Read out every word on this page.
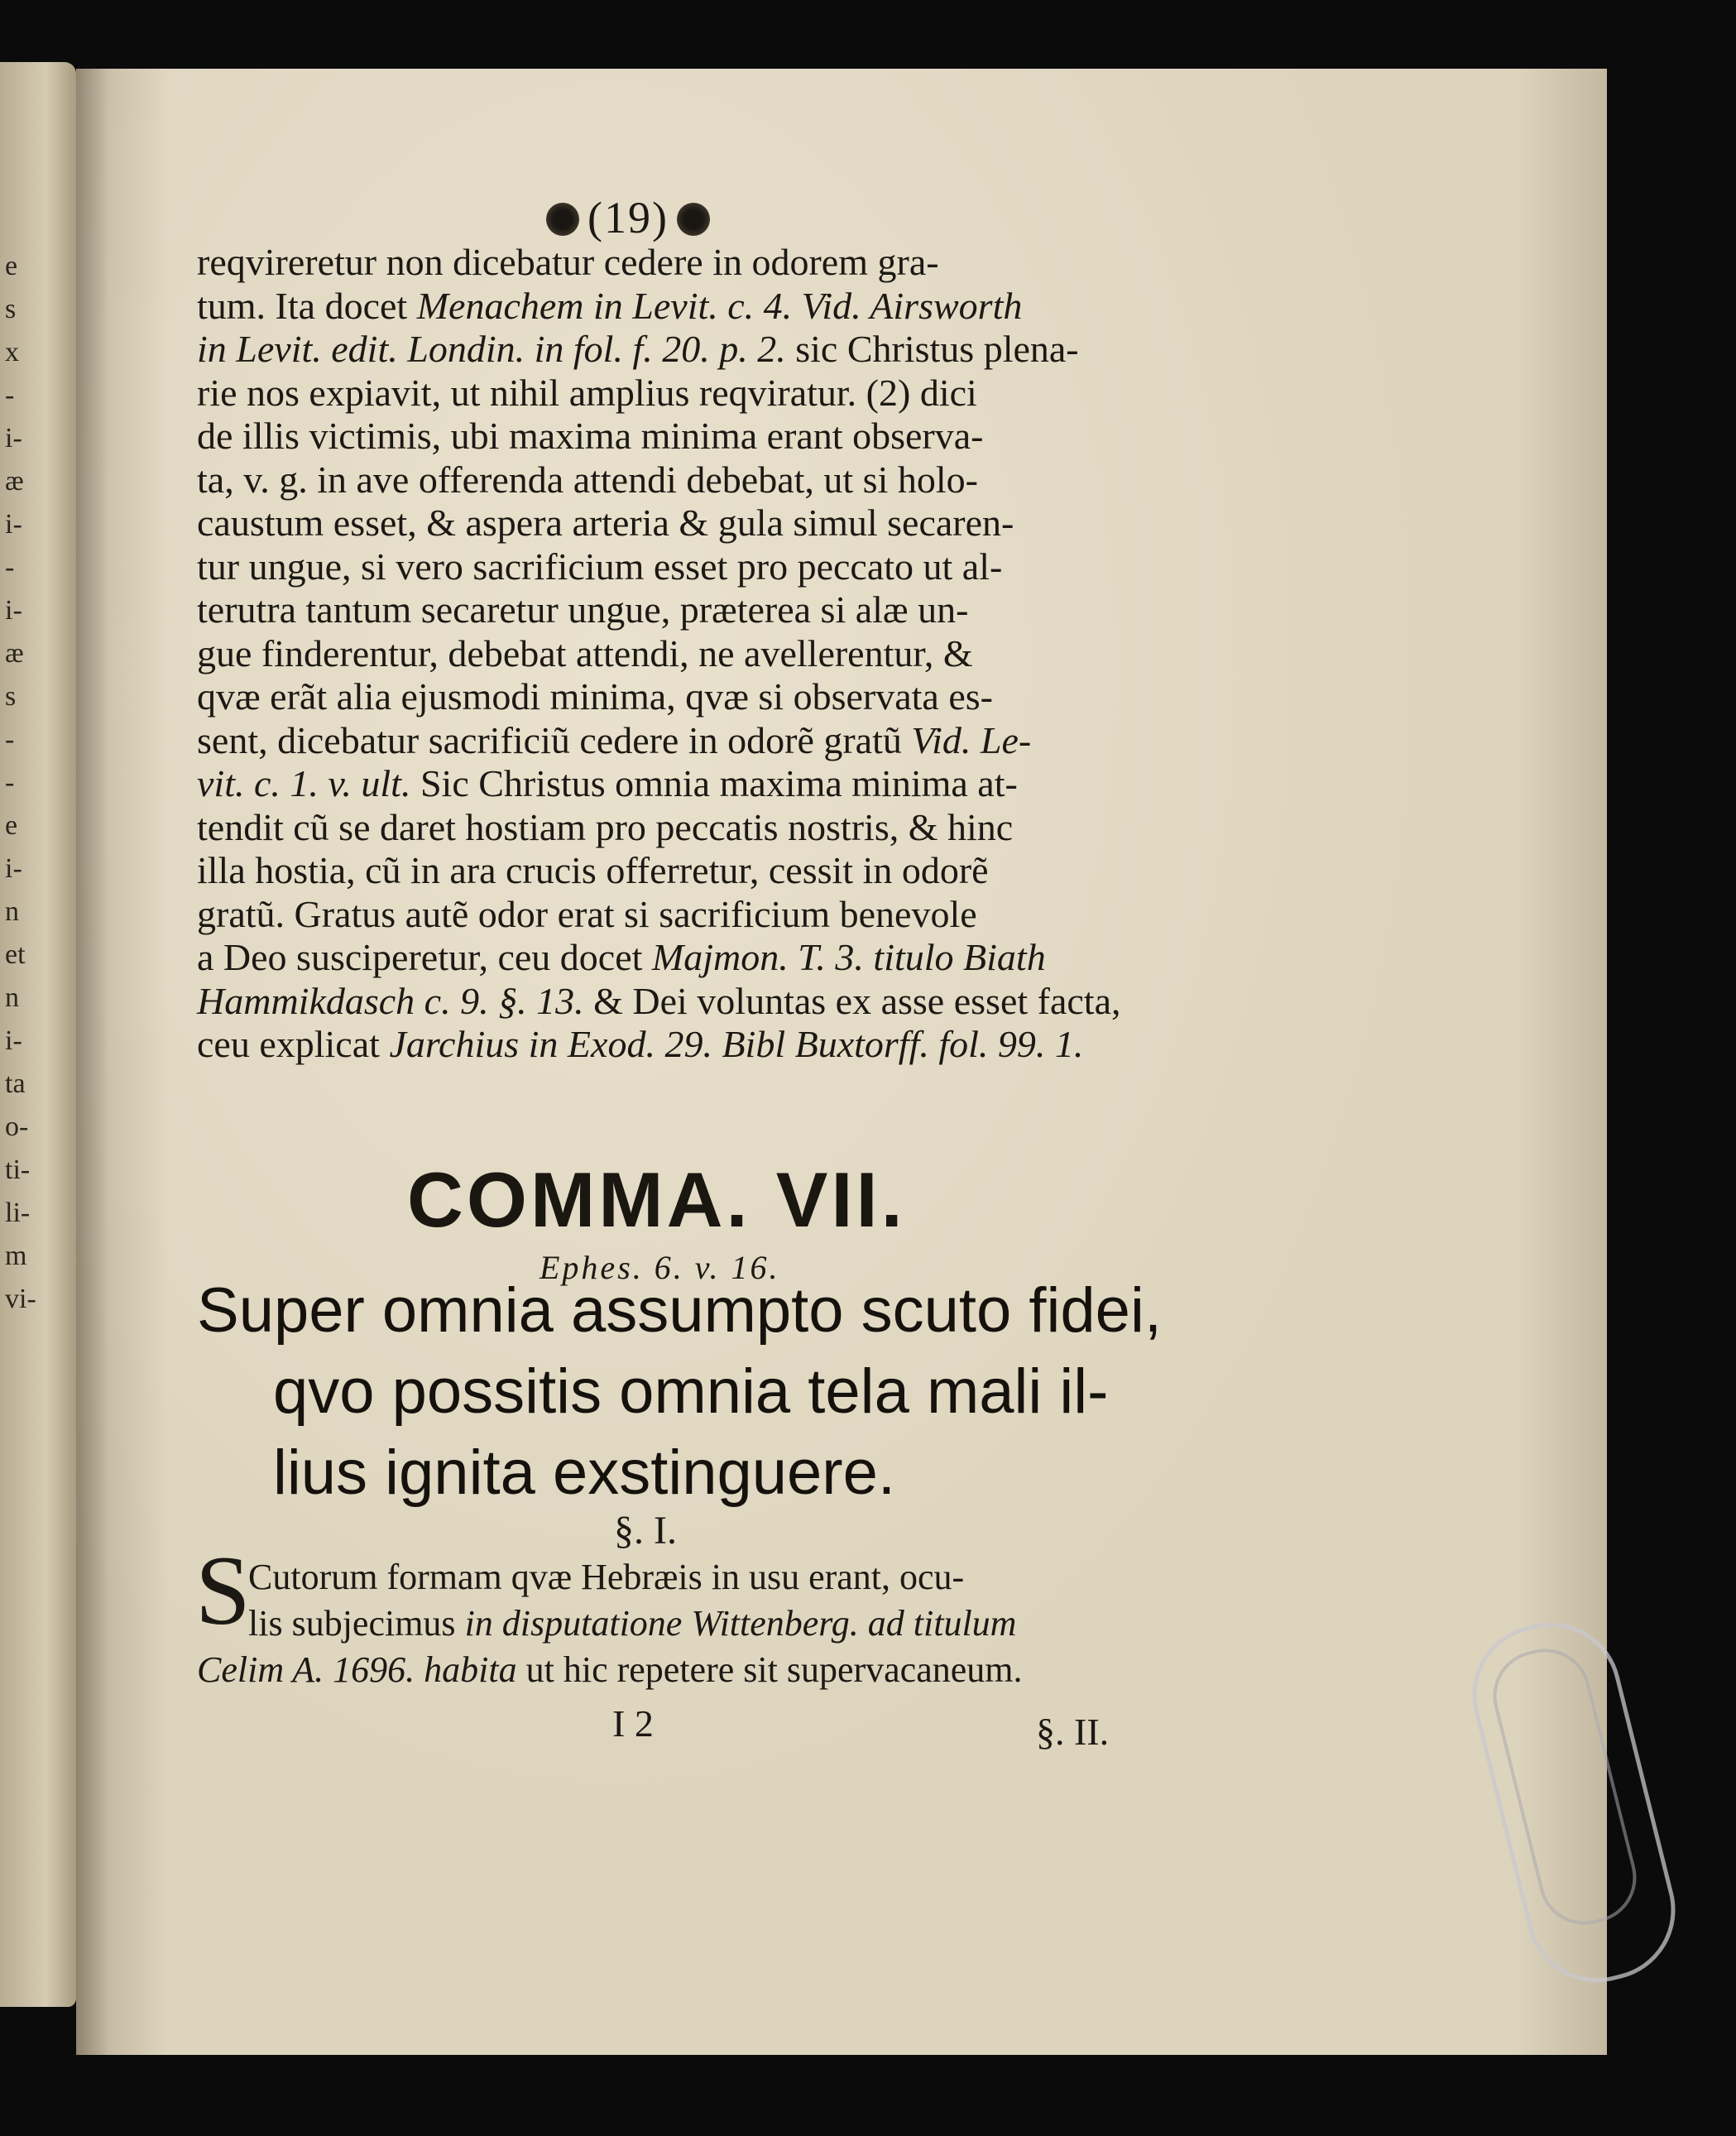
e
s
x
-
i-
æ
i-
-
i-
æ
s
-
-
e
i-
n
et
n
i-
ta
o-
ti-
li-
m
vi-
(19)
reqvireretur non dicebatur cedere in odorem gra-
tum. Ita docet Menachem in Levit. c. 4. Vid. Airsworth
in Levit. edit. Londin. in fol. f. 20. p. 2. sic Christus plena-
rie nos expiavit, ut nihil amplius reqviratur. (2) dici
de illis victimis, ubi maxima minima erant observa-
ta, v. g. in ave offerenda attendi debebat, ut si holo-
caustum esset, & aspera arteria & gula simul secaren-
tur ungue, si vero sacrificium esset pro peccato ut al-
terutra tantum secaretur ungue, præterea si alæ un-
gue finderentur, debebat attendi, ne avellerentur, &
qvæ erãt alia ejusmodi minima, qvæ si observata es-
sent, dicebatur sacrificiũ cedere in odorẽ gratũ Vid. Le-
vit. c. 1. v. ult. Sic Christus omnia maxima minima at-
tendit cũ se daret hostiam pro peccatis nostris, & hinc
illa hostia, cũ in ara crucis offerretur, cessit in odorẽ
gratũ. Gratus autẽ odor erat si sacrificium benevole
a Deo susciperetur, ceu docet Majmon. T. 3. titulo Biath
Hammikdasch c. 9. §. 13. & Dei voluntas ex asse esset facta,
ceu explicat Jarchius in Exod. 29. Bibl Buxtorff. fol. 99. 1.
COMMA. VII.
Ephes. 6. v. 16.
Super omnia assumpto scuto fidei,
qvo possitis omnia tela mali il-
lius ignita exstinguere.
§. I.
S
Cutorum formam qvæ Hebræis in usu erant, ocu-
lis subjecimus in disputatione Wittenberg. ad titulum
Celim A. 1696. habita ut hic repetere sit supervacaneum.
I 2	§. II.
